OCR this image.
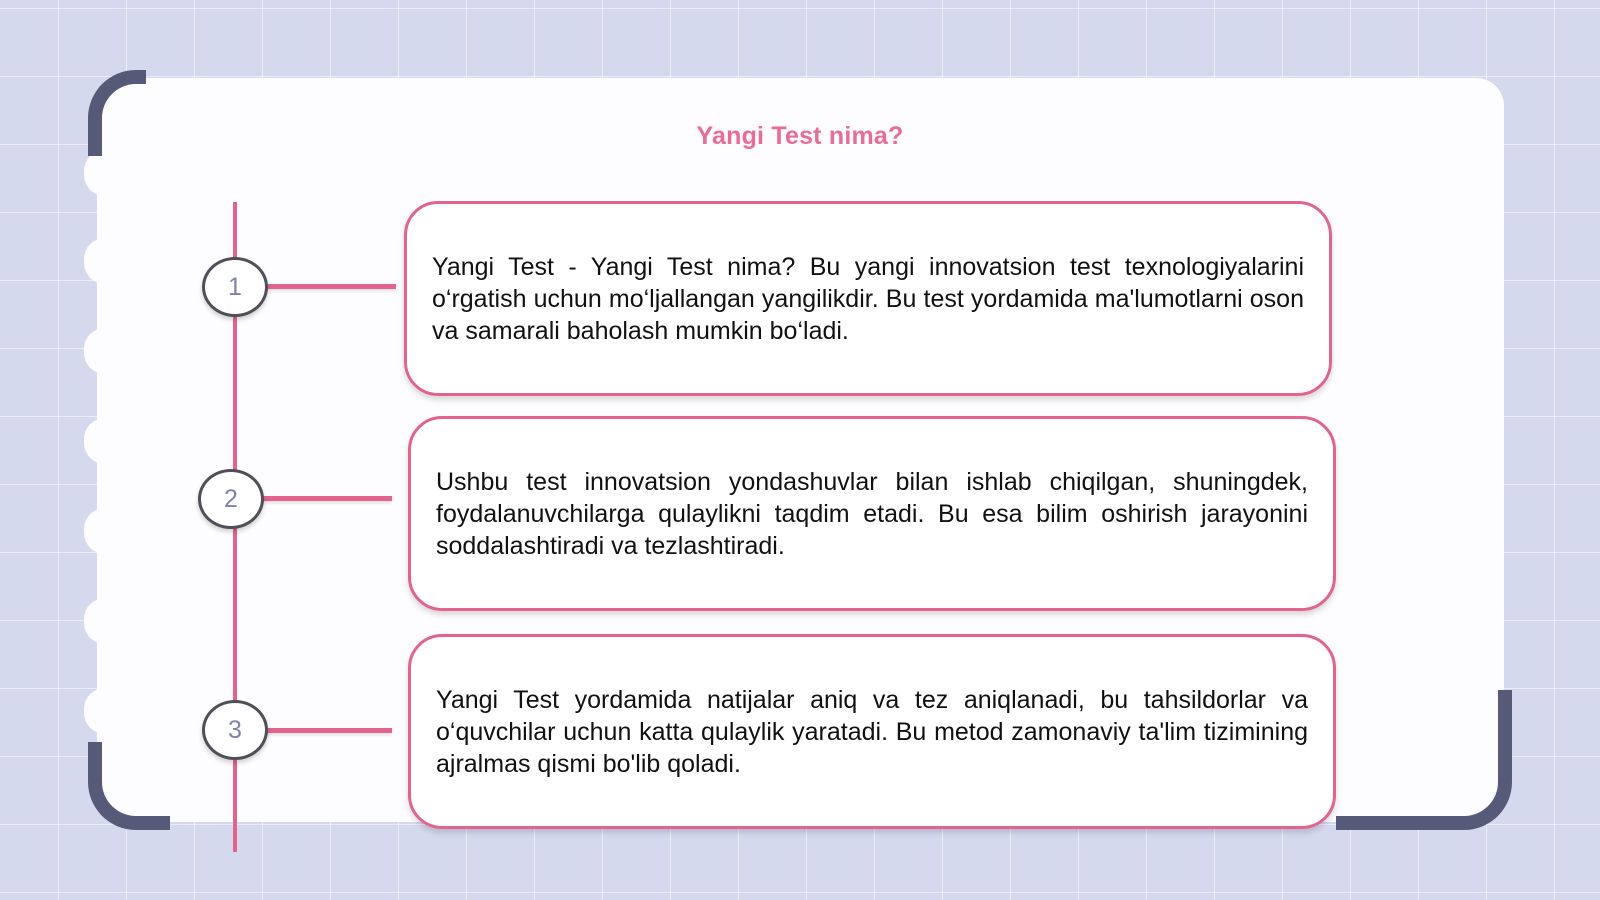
Yangi Test nima?
1
2
3

Yangi Test - Yangi Test nima? Bu yangi innovatsion test texnologiyalarini o‘rgatish uchun mo‘ljallangan yangilikdir. Bu test yordamida ma'lumotlarni oson va samarali baholash mumkin bo‘ladi.

Ushbu test innovatsion yondashuvlar bilan ishlab chiqilgan, shuningdek, foydalanuvchilarga qulaylikni taqdim etadi. Bu esa bilim oshirish jarayonini soddalashtiradi va tezlashtiradi.

Yangi Test yordamida natijalar aniq va tez aniqlanadi, bu tahsildorlar va o‘quvchilar uchun katta qulaylik yaratadi. Bu metod zamonaviy ta'lim tizimining ajralmas qismi bo'lib qoladi.
